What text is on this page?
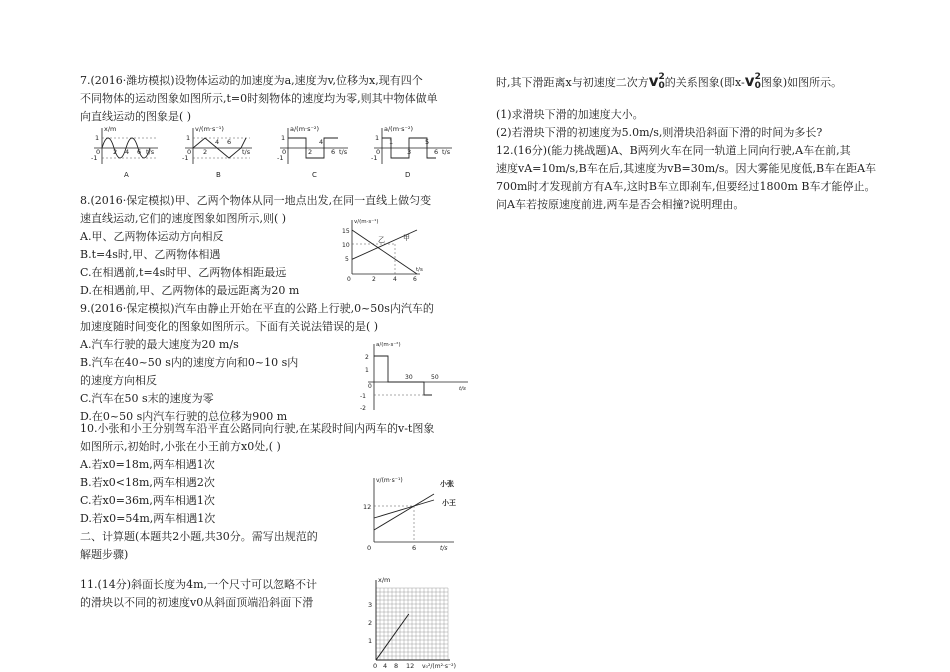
7.(2016·潍坊模拟)设物体运动的加速度为a,速度为v,位移为x,现有四个
不同物体的运动图象如图所示,t=0时刻物体的速度均为零,则其中物体做单
向直线运动的图象是( )
x/m
1
-1
0 2 4 6 t/s
A
v/(m·s⁻¹)
1
-1
0 2
4 6
t/s
B
a/(m·s⁻²)
1
-1
0	2
4
6 t/s
C
a/(m·s⁻²)
1
-1
0
1
3
5
6 t/s
D
8.(2016·保定模拟)甲、乙两个物体从同一地点出发,在同一直线上做匀变
速直线运动,它们的速度图象如图所示,则( )
A.甲、乙两物体运动方向相反
B.t=4s时,甲、乙两物体相遇
C.在相遇前,t=4s时甲、乙两物体相距最远
D.在相遇前,甲、乙两物体的最远距离为20 m
v/(m·s⁻¹)
15
10
5
0	2	4	6
t/s
乙	甲
9.(2016·保定模拟)汽车由静止开始在平直的公路上行驶,0~50s内汽车的
加速度随时间变化的图象如图所示。下面有关说法错误的是( )
A.汽车行驶的最大速度为20 m/s
B.汽车在40~50 s内的速度方向和0~10 s内
的速度方向相反
C.汽车在50 s末的速度为零
D.在0~50 s内汽车行驶的总位移为900 m
a/(m·s⁻²)
2
1
-1
-2
0
30	50
t/s
10.小张和小王分别驾车沿平直公路同向行驶,在某段时间内两车的v-t图象
如图所示,初始时,小张在小王前方x0处,( )
A.若x0=18m,两车相遇1次
B.若x0<18m,两车相遇2次
C.若x0=36m,两车相遇1次
D.若x0=54m,两车相遇1次
二、计算题(本题共2小题,共30分。需写出规范的
解题步骤)
v/(m·s⁻¹)
12
0	6	t/s
小张
小王
11.(14分)斜面长度为4m,一个尺寸可以忽略不计
的滑块以不同的初速度v0从斜面顶端沿斜面下滑
x/m
3
2
1
0 4 8 12 v₀²/(m²·s⁻²)
时,其下滑距离x与初速度二次方v 2
0 的关系图象(即x-v 2
0 图象)如图所示。
(1)求滑块下滑的加速度大小。
(2)若滑块下滑的初速度为5.0m/s,则滑块沿斜面下滑的时间为多长?
12.(16分)(能力挑战题)A、B两列火车在同一轨道上同向行驶,A车在前,其
速度vA=10m/s,B车在后,其速度为vB=30m/s。因大雾能见度低,B车在距A车
700m时才发现前方有A车,这时B车立即刹车,但要经过1800m B车才能停止。
问A车若按原速度前进,两车是否会相撞?说明理由。
